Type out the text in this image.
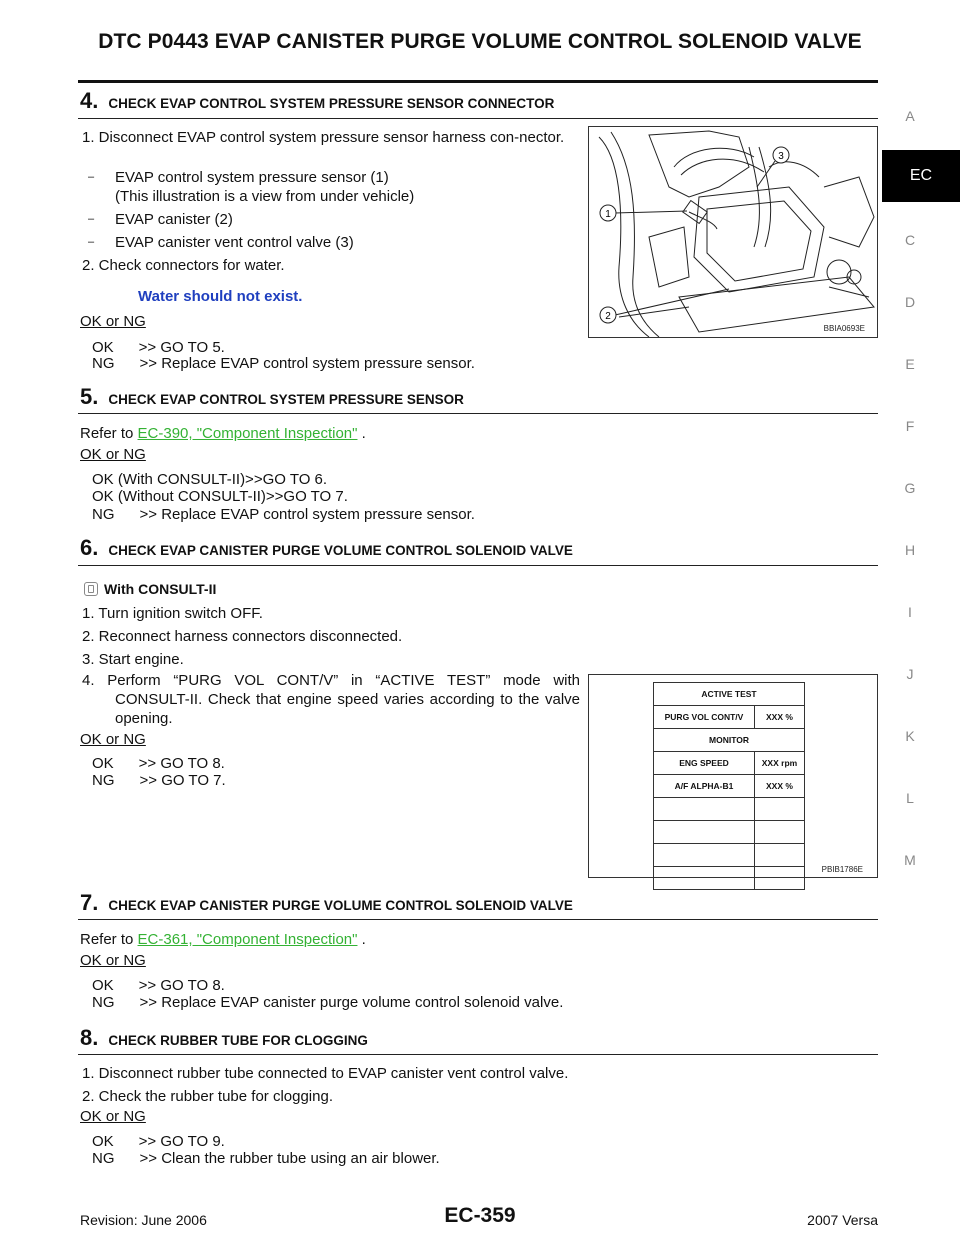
DTC P0443 EVAP CANISTER PURGE VOLUME CONTROL SOLENOID VALVE
A
EC
C
D
E
F
G
H
I
J
K
L
M
4. CHECK EVAP CONTROL SYSTEM PRESSURE SENSOR CONNECTOR
1. Disconnect EVAP control system pressure sensor harness con-nector.
– EVAP control system pressure sensor (1)
(This illustration is a view from under vehicle)
– EVAP canister (2)
– EVAP canister vent control valve (3)
2. Check connectors for water.
Water should not exist.
OK or NG
OK      >> GO TO 5.
NG      >> Replace EVAP control system pressure sensor.
1
2
3
BBIA0693E
5. CHECK EVAP CONTROL SYSTEM PRESSURE SENSOR
Refer to EC-390, "Component Inspection" .
OK or NG
OK (With CONSULT-II)>>GO TO 6.
OK (Without CONSULT-II)>>GO TO 7.
NG      >> Replace EVAP control system pressure sensor.
6. CHECK EVAP CANISTER PURGE VOLUME CONTROL SOLENOID VALVE
With CONSULT-II
1. Turn ignition switch OFF.
2. Reconnect harness connectors disconnected.
3. Start engine.
4. Perform “PURG VOL CONT/V” in “ACTIVE TEST” mode with CONSULT-II. Check that engine speed varies according to the valve opening.
OK or NG
OK      >> GO TO 8.
NG      >> GO TO 7.
ACTIVE TEST	
PURG VOL CONT/V	XXX %
MONITOR	
ENG SPEED	XXX rpm
A/F ALPHA-B1	XXX %

PBIB1786E
7. CHECK EVAP CANISTER PURGE VOLUME CONTROL SOLENOID VALVE
Refer to EC-361, "Component Inspection" .
OK or NG
OK      >> GO TO 8.
NG      >> Replace EVAP canister purge volume control solenoid valve.
8. CHECK RUBBER TUBE FOR CLOGGING
1. Disconnect rubber tube connected to EVAP canister vent control valve.
2. Check the rubber tube for clogging.
OK or NG
OK      >> GO TO 9.
NG      >> Clean the rubber tube using an air blower.
Revision: June 2006	EC-359	2007 Versa
